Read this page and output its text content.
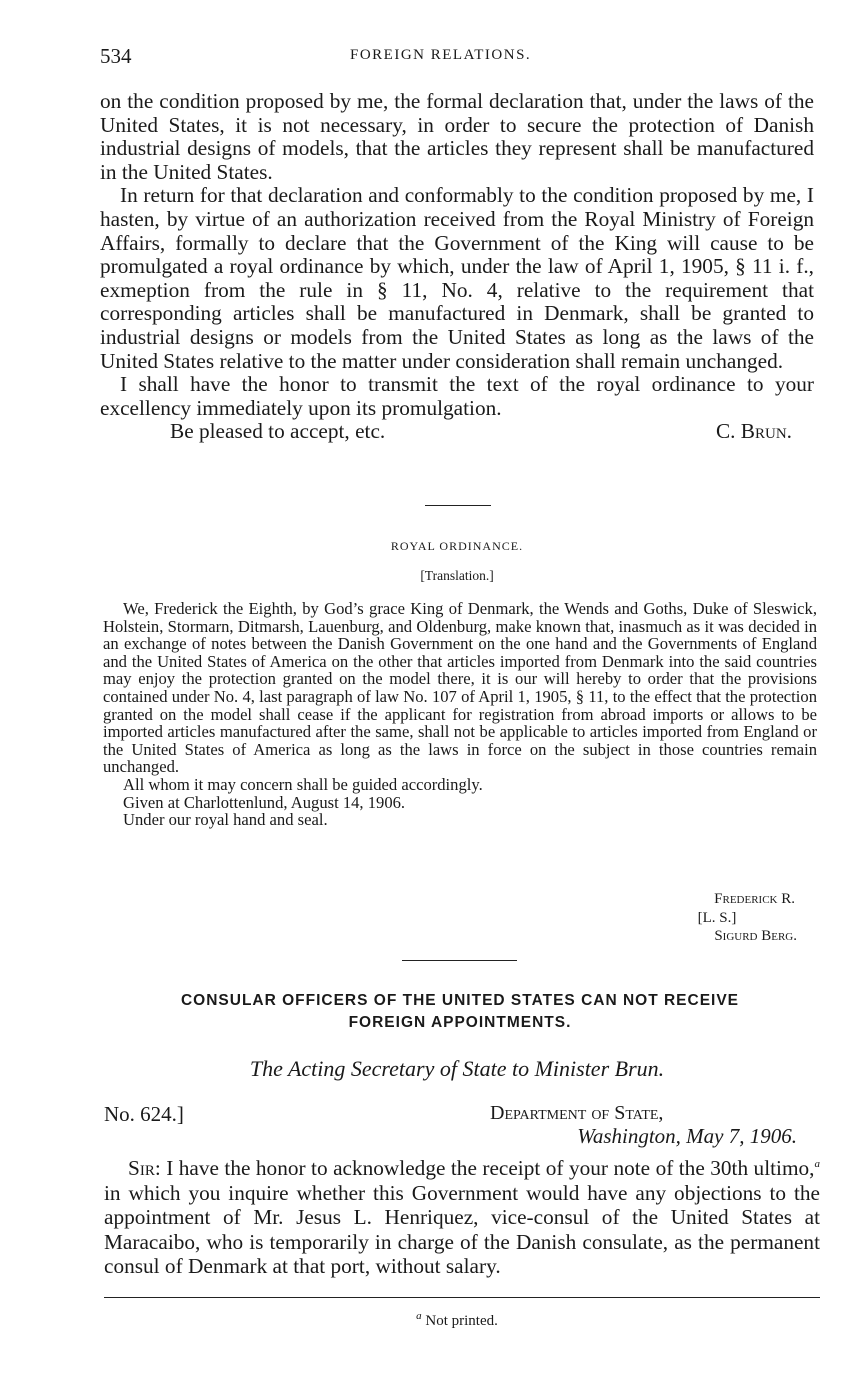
534	FOREIGN RELATIONS.

on the condition proposed by me, the formal declaration that, under the laws of the United States, it is not necessary, in order to secure the protection of Danish industrial designs of models, that the articles they represent shall be manufactured in the United States.

In return for that declaration and conformably to the condition proposed by me, I hasten, by virtue of an authorization received from the Royal Ministry of Foreign Affairs, formally to declare that the Government of the King will cause to be promulgated a royal ordinance by which, under the law of April 1, 1905, § 11 i. f., exmeption from the rule in § 11, No. 4, relative to the requirement that corresponding articles shall be manufactured in Denmark, shall be granted to industrial designs or models from the United States as long as the laws of the United States relative to the matter under consideration shall remain unchanged.

I shall have the honor to transmit the text of the royal ordinance to your excellency immediately upon its promulgation.

Be pleased to accept, etc.	C. Brun.
ROYAL ORDINANCE.
[Translation.]

We, Frederick the Eighth, by God’s grace King of Denmark, the Wends and Goths, Duke of Sleswick, Holstein, Stormarn, Ditmarsh, Lauenburg, and Oldenburg, make known that, inasmuch as it was decided in an exchange of notes between the Danish Government on the one hand and the Governments of England and the United States of America on the other that articles imported from Denmark into the said countries may enjoy the protection granted on the model there, it is our will hereby to order that the provisions contained under No. 4, last paragraph of law No. 107 of April 1, 1905, § 11, to the effect that the protection granted on the model shall cease if the applicant for registration from abroad imports or allows to be imported articles manufactured after the same, shall not be applicable to articles imported from England or the United States of America as long as the laws in force on the subject in those countries remain unchanged.

All whom it may concern shall be guided accordingly.

Given at Charlottenlund, August 14, 1906.

Under our royal hand and seal.

Frederick R.
[L. S.]
Sigurd Berg.
CONSULAR OFFICERS OF THE UNITED STATES CAN NOT RECEIVE
FOREIGN APPOINTMENTS.
The Acting Secretary of State to Minister Brun.
No. 624.]	Department of State,
Washington, May 7, 1906.

Sir: I have the honor to acknowledge the receipt of your note of the 30th ultimo,$^a$ in which you inquire whether this Government would have any objections to the appointment of Mr. Jesus L. Henriquez, vice-consul of the United States at Maracaibo, who is temporarily in charge of the Danish consulate, as the permanent consul of Denmark at that port, without salary.

$^a$ Not printed.
